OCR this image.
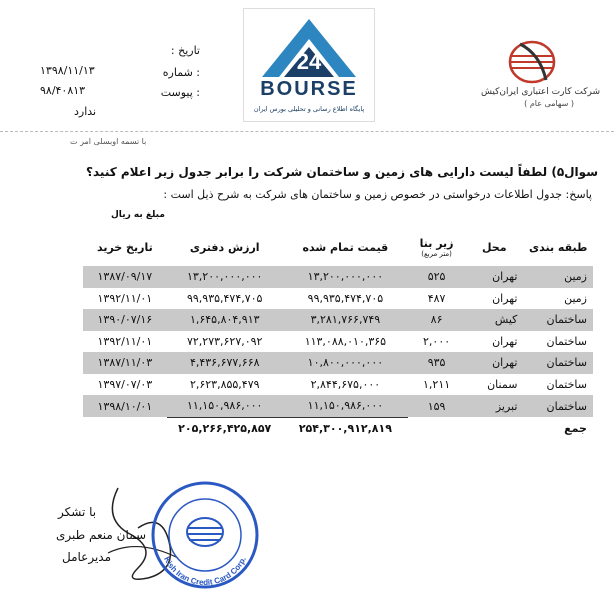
24
BOURSE
پایگاه اطلاع رسانی و تحلیلی بورس ایران
تاریخ :
۱۳۹۸/۱۱/۱۳	شماره :
۹۸/۴۰۸۱۳	پیوست :
ندارد
شرکت کارت اعتباری ایران‌کیش
( سهامی عام )
با نسمه اوبسلی امر ت
سوال۵) لطفاً لیست دارایی های زمین و ساختمان شرکت را برابر جدول زیر اعلام کنید؟
پاسخ: جدول اطلاعات درخواستی در خصوص زمین و ساختمان های شرکت به شرح ذیل است :
مبلغ به ریال
طبقه بندی	محل	زیر بنا
(متر مربع)	قیمت تمام شده	ارزش دفتری	تاریخ خرید
زمین	تهران	۵۲۵	۱۳,۲۰۰,۰۰۰,۰۰۰	۱۳,۲۰۰,۰۰۰,۰۰۰	۱۳۸۷/۰۹/۱۷
زمین	تهران	۴۸۷	۹۹,۹۳۵,۴۷۴,۷۰۵	۹۹,۹۳۵,۴۷۴,۷۰۵	۱۳۹۲/۱۱/۰۱
ساختمان	کیش	۸۶	۳,۲۸۱,۷۶۶,۷۴۹	۱,۶۴۵,۸۰۴,۹۱۳	۱۳۹۰/۰۷/۱۶
ساختمان	تهران	۲,۰۰۰	۱۱۳,۰۸۸,۰۱۰,۳۶۵	۷۲,۲۷۳,۶۲۷,۰۹۲	۱۳۹۲/۱۱/۰۱
ساختمان	تهران	۹۳۵	۱۰,۸۰۰,۰۰۰,۰۰۰	۴,۴۳۶,۶۷۷,۶۶۸	۱۳۸۷/۱۱/۰۳
ساختمان	سمنان	۱,۲۱۱	۲,۸۴۴,۶۷۵,۰۰۰	۲,۶۲۳,۸۵۵,۴۷۹	۱۳۹۷/۰۷/۰۳
ساختمان	تبریز	۱۵۹	۱۱,۱۵۰,۹۸۶,۰۰۰	۱۱,۱۵۰,۹۸۶,۰۰۰	۱۳۹۸/۱۰/۰۱
جمع			۲۵۴,۳۰۰,۹۱۲,۸۱۹	۲۰۵,۲۶۶,۴۲۵,۸۵۷	
Kish Iran Credit Card Corp.
با تشکر
سمان منعم طبری
مدیرعامل
